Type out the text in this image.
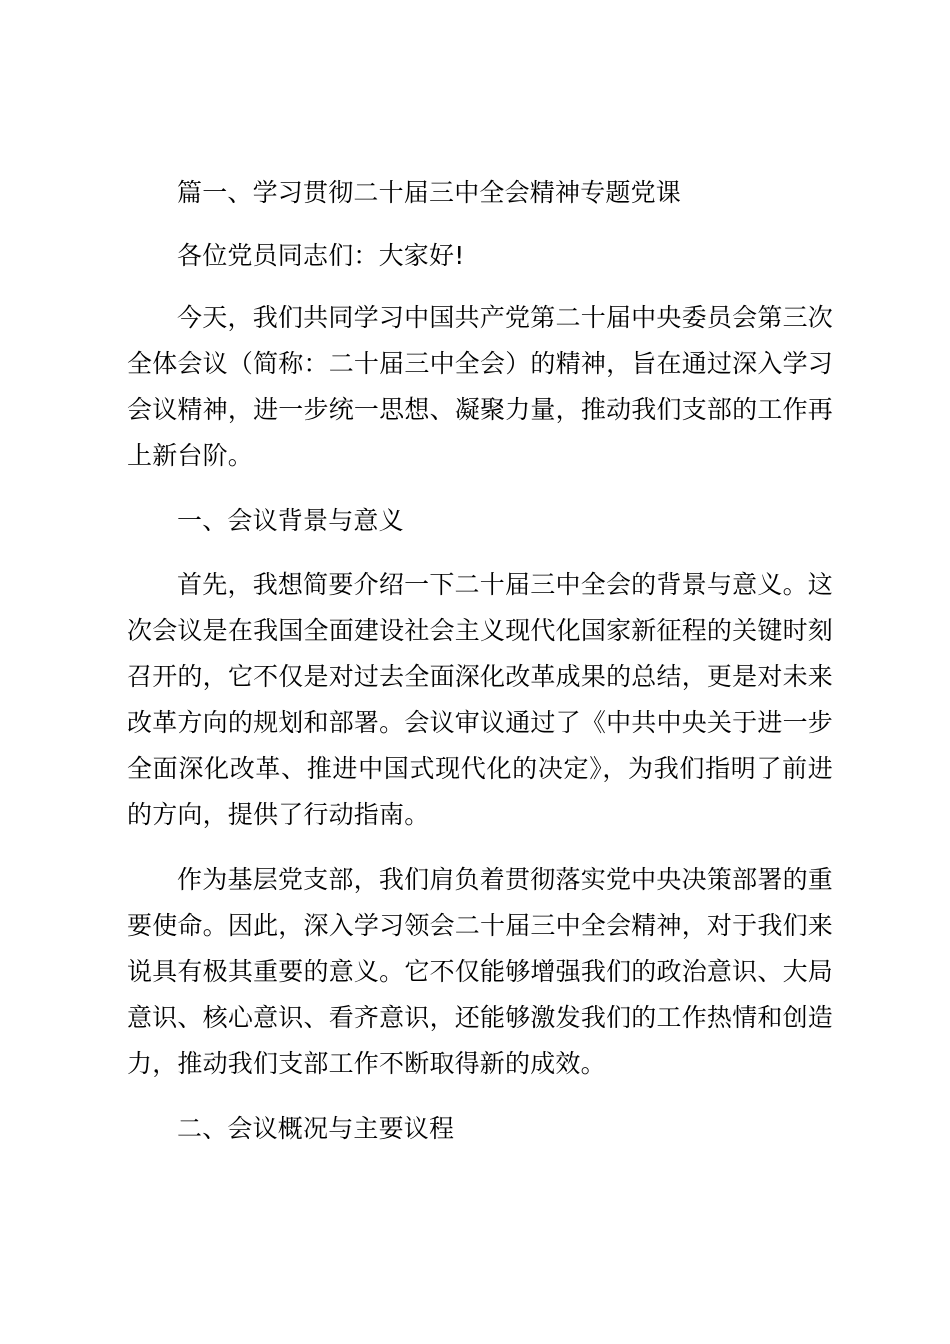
篇一、学习贯彻二十届三中全会精神专题党课

各位党员同志们：大家好!

今天，我们共同学习中国共产党第二十届中央委员会第三次全体会议（简称：二十届三中全会）的精神，旨在通过深入学习会议精神，进一步统一思想、凝聚力量，推动我们支部的工作再上新台阶。

一、会议背景与意义

首先，我想简要介绍一下二十届三中全会的背景与意义。这次会议是在我国全面建设社会主义现代化国家新征程的关键时刻召开的，它不仅是对过去全面深化改革成果的总结，更是对未来改革方向的规划和部署。会议审议通过了《中共中央关于进一步全面深化改革、推进中国式现代化的决定》，为我们指明了前进的方向，提供了行动指南。

作为基层党支部，我们肩负着贯彻落实党中央决策部署的重要使命。因此，深入学习领会二十届三中全会精神，对于我们来说具有极其重要的意义。它不仅能够增强我们的政治意识、大局意识、核心意识、看齐意识，还能够激发我们的工作热情和创造力，推动我们支部工作不断取得新的成效。

二、会议概况与主要议程
